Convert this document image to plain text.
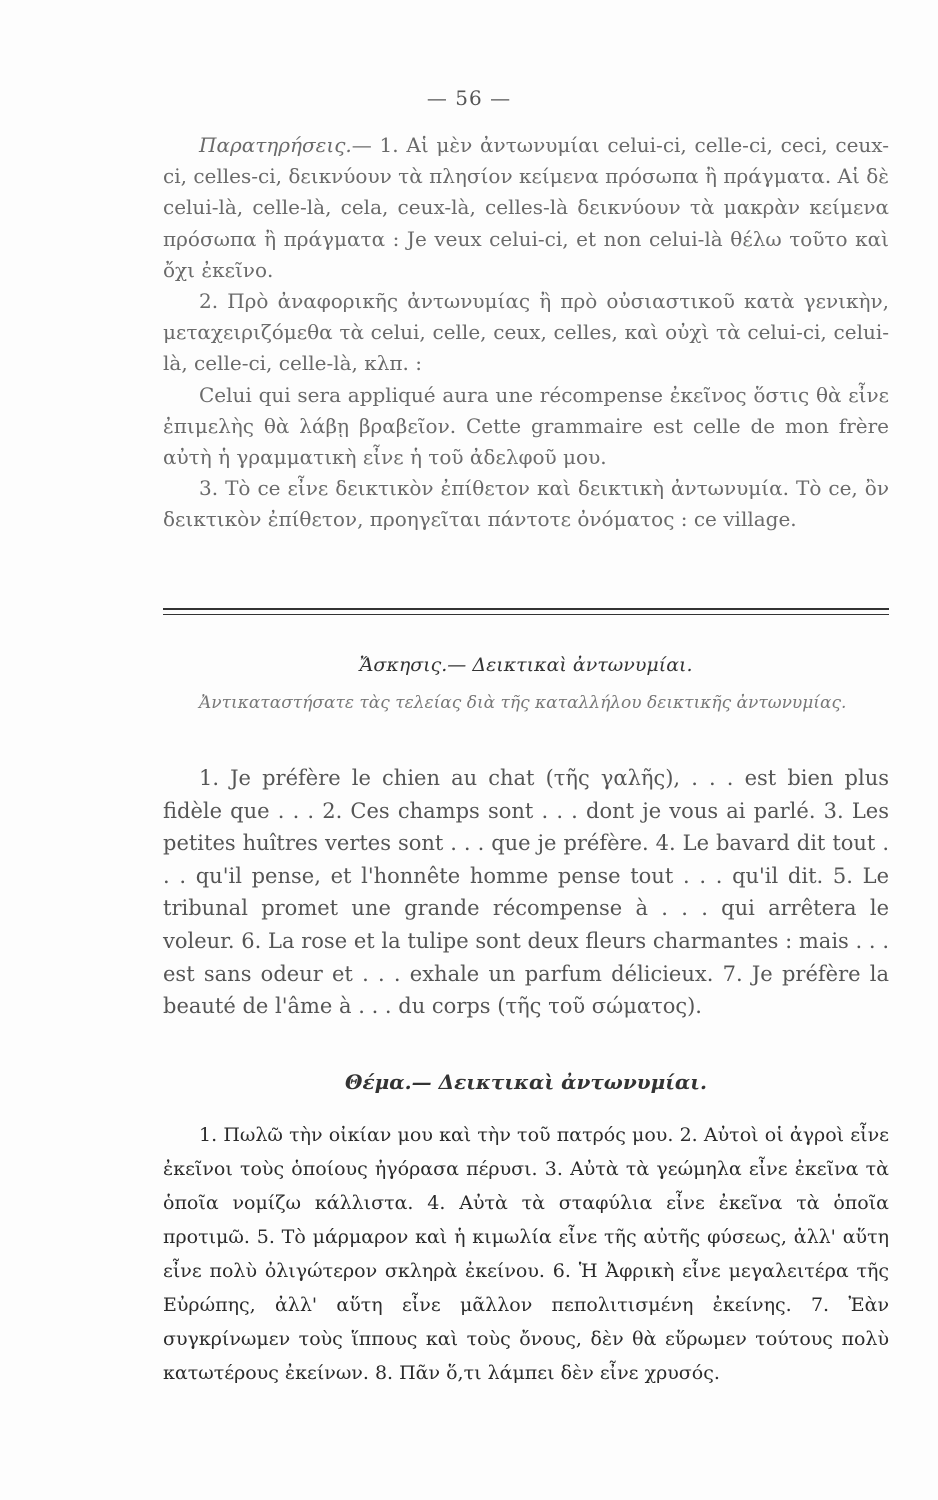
— 56 —

Παρατηρήσεις.— 1. Αἱ μὲν ἀντωνυμίαι celui-ci, celle-ci, ceci, ceux-ci, celles-ci, δεικνύουν τὰ πλησίον κείμενα πρόσωπα ἢ πράγματα. Αἱ δὲ celui-là, celle-là, cela, ceux-là, celles-là δεικνύουν τὰ μακρὰν κείμενα πρόσωπα ἢ πράγματα : Je veux celui-ci, et non celui-là θέλω τοῦτο καὶ ὄχι ἐκεῖνο.

2. Πρὸ ἀναφορικῆς ἀντωνυμίας ἢ πρὸ οὐσιαστικοῦ κατὰ γενικὴν, μεταχειριζόμεθα τὰ celui, celle, ceux, celles, καὶ οὐχὶ τὰ celui-ci, celui-là, celle-ci, celle-là, κλπ. :

Celui qui sera appliqué aura une récompense ἐκεῖνος ὅστις θὰ εἶνε ἐπιμελὴς θὰ λάβῃ βραβεῖον. Cette grammaire est celle de mon frère αὐτὴ ἡ γραμματικὴ εἶνε ἡ τοῦ ἀδελφοῦ μου.

3. Τὸ ce εἶνε δεικτικὸν ἐπίθετον καὶ δεικτικὴ ἀντωνυμία. Τὸ ce, ὂν δεικτικὸν ἐπίθετον, προηγεῖται πάντοτε ὀνόματος : ce village.

Ἄσκησις.— Δεικτικαὶ ἀντωνυμίαι.
Ἀντικαταστήσατε τὰς τελείας διὰ τῆς καταλλήλου δεικτικῆς ἀντωνυμίας.

1. Je préfère le chien au chat (τῆς γαλῆς), . . . est bien plus fidèle que . . . 2. Ces champs sont . . . dont je vous ai parlé. 3. Les petites huîtres vertes sont . . . que je préfère. 4. Le bavard dit tout . . . qu'il pense, et l'honnête homme pense tout . . . qu'il dit. 5. Le tribunal promet une grande récompense à . . . qui arrêtera le voleur. 6. La rose et la tulipe sont deux fleurs charmantes : mais . . . est sans odeur et . . . exhale un parfum délicieux. 7. Je préfère la beauté de l'âme à . . . du corps (τῆς τοῦ σώματος).

Θέμα.— Δεικτικαὶ ἀντωνυμίαι.

1. Πωλῶ τὴν οἰκίαν μου καὶ τὴν τοῦ πατρός μου. 2. Αὐτοὶ οἱ ἀγροὶ εἶνε ἐκεῖνοι τοὺς ὁποίους ἠγόρασα πέρυσι. 3. Αὐτὰ τὰ γεώμηλα εἶνε ἐκεῖνα τὰ ὁποῖα νομίζω κάλλιστα. 4. Αὐτὰ τὰ σταφύλια εἶνε ἐκεῖνα τὰ ὁποῖα προτιμῶ. 5. Τὸ μάρμαρον καὶ ἡ κιμωλία εἶνε τῆς αὐτῆς φύσεως, ἀλλ' αὕτη εἶνε πολὺ ὀλιγώτερον σκληρὰ ἐκείνου. 6. Ἡ Ἀφρικὴ εἶνε μεγαλειτέρα τῆς Εὐρώπης, ἀλλ' αὕτη εἶνε μᾶλλον πεπολιτισμένη ἐκείνης. 7. Ἐὰν συγκρίνωμεν τοὺς ἵππους καὶ τοὺς ὄνους, δὲν θὰ εὕρωμεν τούτους πολὺ κατωτέρους ἐκείνων. 8. Πᾶν ὅ,τι λάμπει δὲν εἶνε χρυσός.
